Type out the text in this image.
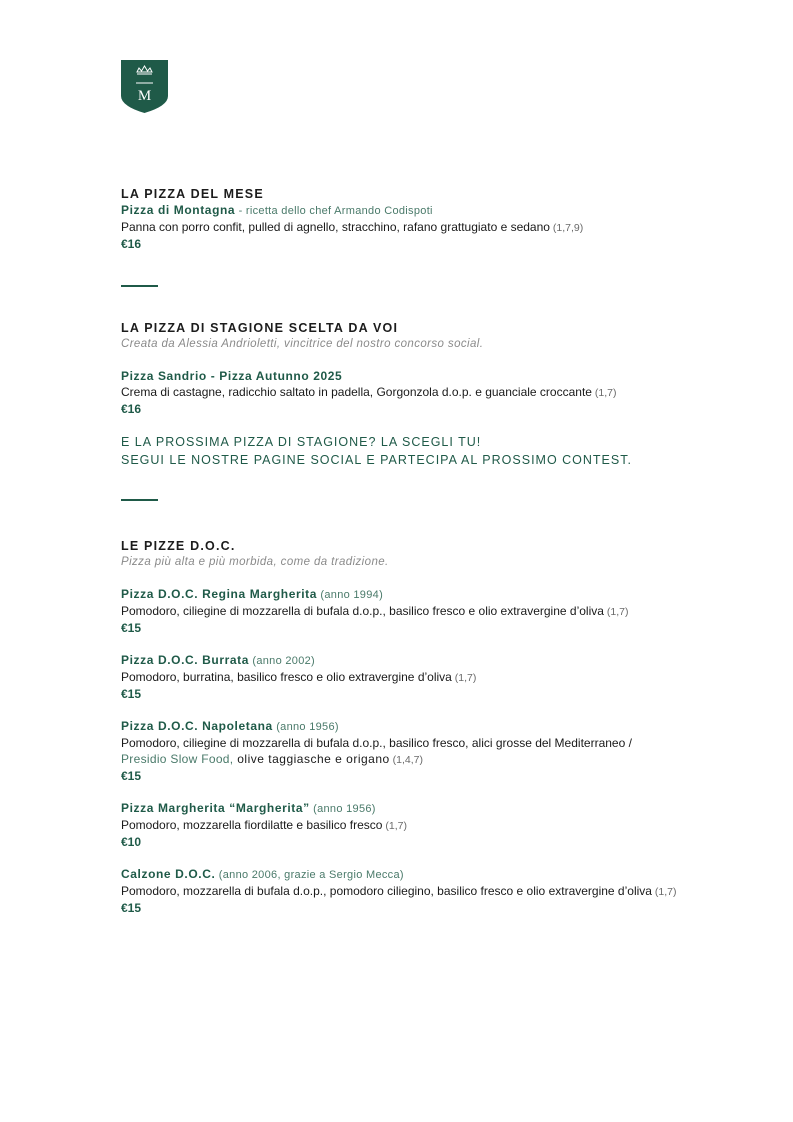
M
LA PIZZA DEL MESE
Pizza di Montagna - ricetta dello chef Armando Codispoti
Panna con porro confit, pulled di agnello, stracchino, rafano grattugiato e sedano (1,7,9)
€16
LA PIZZA DI STAGIONE SCELTA DA VOI
Creata da Alessia Andrioletti, vincitrice del nostro concorso social.
Pizza Sandrio - Pizza Autunno 2025
Crema di castagne, radicchio saltato in padella, Gorgonzola d.o.p. e guanciale croccante (1,7)
€16
E LA PROSSIMA PIZZA DI STAGIONE? LA SCEGLI TU!
SEGUI LE NOSTRE PAGINE SOCIAL E PARTECIPA AL PROSSIMO CONTEST.
LE PIZZE D.O.C.
Pizza più alta e più morbida, come da tradizione.
Pizza D.O.C. Regina Margherita (anno 1994)
Pomodoro, ciliegine di mozzarella di bufala d.o.p., basilico fresco e olio extravergine d’oliva (1,7)
€15
Pizza D.O.C. Burrata (anno 2002)
Pomodoro, burratina, basilico fresco e olio extravergine d’oliva (1,7)
€15
Pizza D.O.C. Napoletana (anno 1956)
Pomodoro, ciliegine di mozzarella di bufala d.o.p., basilico fresco, alici grosse del Mediterraneo /
Presidio Slow Food, olive taggiasche e origano (1,4,7)
€15
Pizza Margherita “Margherita” (anno 1956)
Pomodoro, mozzarella fiordilatte e basilico fresco (1,7)
€10
Calzone D.O.C. (anno 2006, grazie a Sergio Mecca)
Pomodoro, mozzarella di bufala d.o.p., pomodoro ciliegino, basilico fresco e olio extravergine d’oliva (1,7)
€15
